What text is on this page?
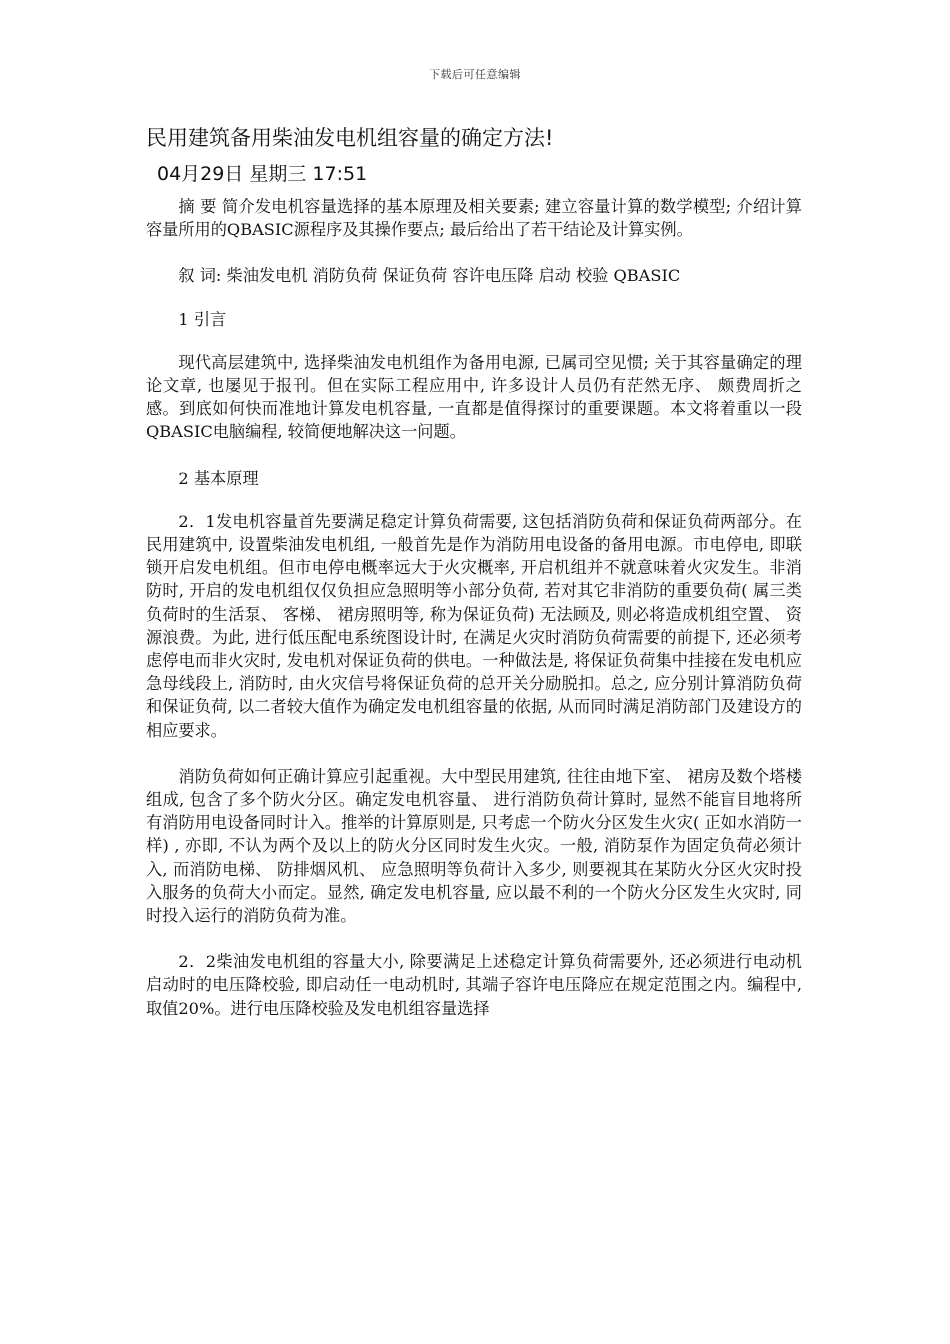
下载后可任意编辑
民用建筑备用柴油发电机组容量的确定方法!
04月29日 星期三 17:51

摘 要 简介发电机容量选择的基本原理及相关要素; 建立容量计算的数学模型; 介绍计算容量所用的QBASIC源程序及其操作要点; 最后给出了若干结论及计算实例。

叙 词: 柴油发电机 消防负荷 保证负荷 容许电压降 启动 校验 QBASIC

1 引言

现代高层建筑中, 选择柴油发电机组作为备用电源, 已属司空见惯; 关于其容量确定的理论文章, 也屡见于报刊。但在实际工程应用中, 许多设计人员仍有茫然无序、 颇费周折之感。到底如何快而准地计算发电机容量, 一直都是值得探讨的重要课题。本文将着重以一段QBASIC电脑编程, 较简便地解决这一问题。

2 基本原理

2．1发电机容量首先要满足稳定计算负荷需要, 这包括消防负荷和保证负荷两部分。在民用建筑中, 设置柴油发电机组, 一般首先是作为消防用电设备的备用电源。市电停电, 即联锁开启发电机组。但市电停电概率远大于火灾概率, 开启机组并不就意味着火灾发生。非消防时, 开启的发电机组仅仅负担应急照明等小部分负荷, 若对其它非消防的重要负荷( 属三类负荷时的生活泵、 客梯、 裙房照明等, 称为保证负荷) 无法顾及, 则必将造成机组空置、 资源浪费。为此, 进行低压配电系统图设计时, 在满足火灾时消防负荷需要的前提下, 还必须考虑停电而非火灾时, 发电机对保证负荷的供电。一种做法是, 将保证负荷集中挂接在发电机应急母线段上, 消防时, 由火灾信号将保证负荷的总开关分励脱扣。总之, 应分别计算消防负荷和保证负荷, 以二者较大值作为确定发电机组容量的依据, 从而同时满足消防部门及建设方的相应要求。

消防负荷如何正确计算应引起重视。大中型民用建筑, 往往由地下室、 裙房及数个塔楼组成, 包含了多个防火分区。确定发电机容量、 进行消防负荷计算时, 显然不能盲目地将所有消防用电设备同时计入。推举的计算原则是, 只考虑一个防火分区发生火灾( 正如水消防一样) , 亦即, 不认为两个及以上的防火分区同时发生火灾。一般, 消防泵作为固定负荷必须计入, 而消防电梯、 防排烟风机、 应急照明等负荷计入多少, 则要视其在某防火分区火灾时投入服务的负荷大小而定。显然, 确定发电机容量, 应以最不利的一个防火分区发生火灾时, 同时投入运行的消防负荷为准。

2．2柴油发电机组的容量大小, 除要满足上述稳定计算负荷需要外, 还必须进行电动机启动时的电压降校验, 即启动任一电动机时, 其端子容许电压降应在规定范围之内。编程中, 取值20%。进行电压降校验及发电机组容量选择
